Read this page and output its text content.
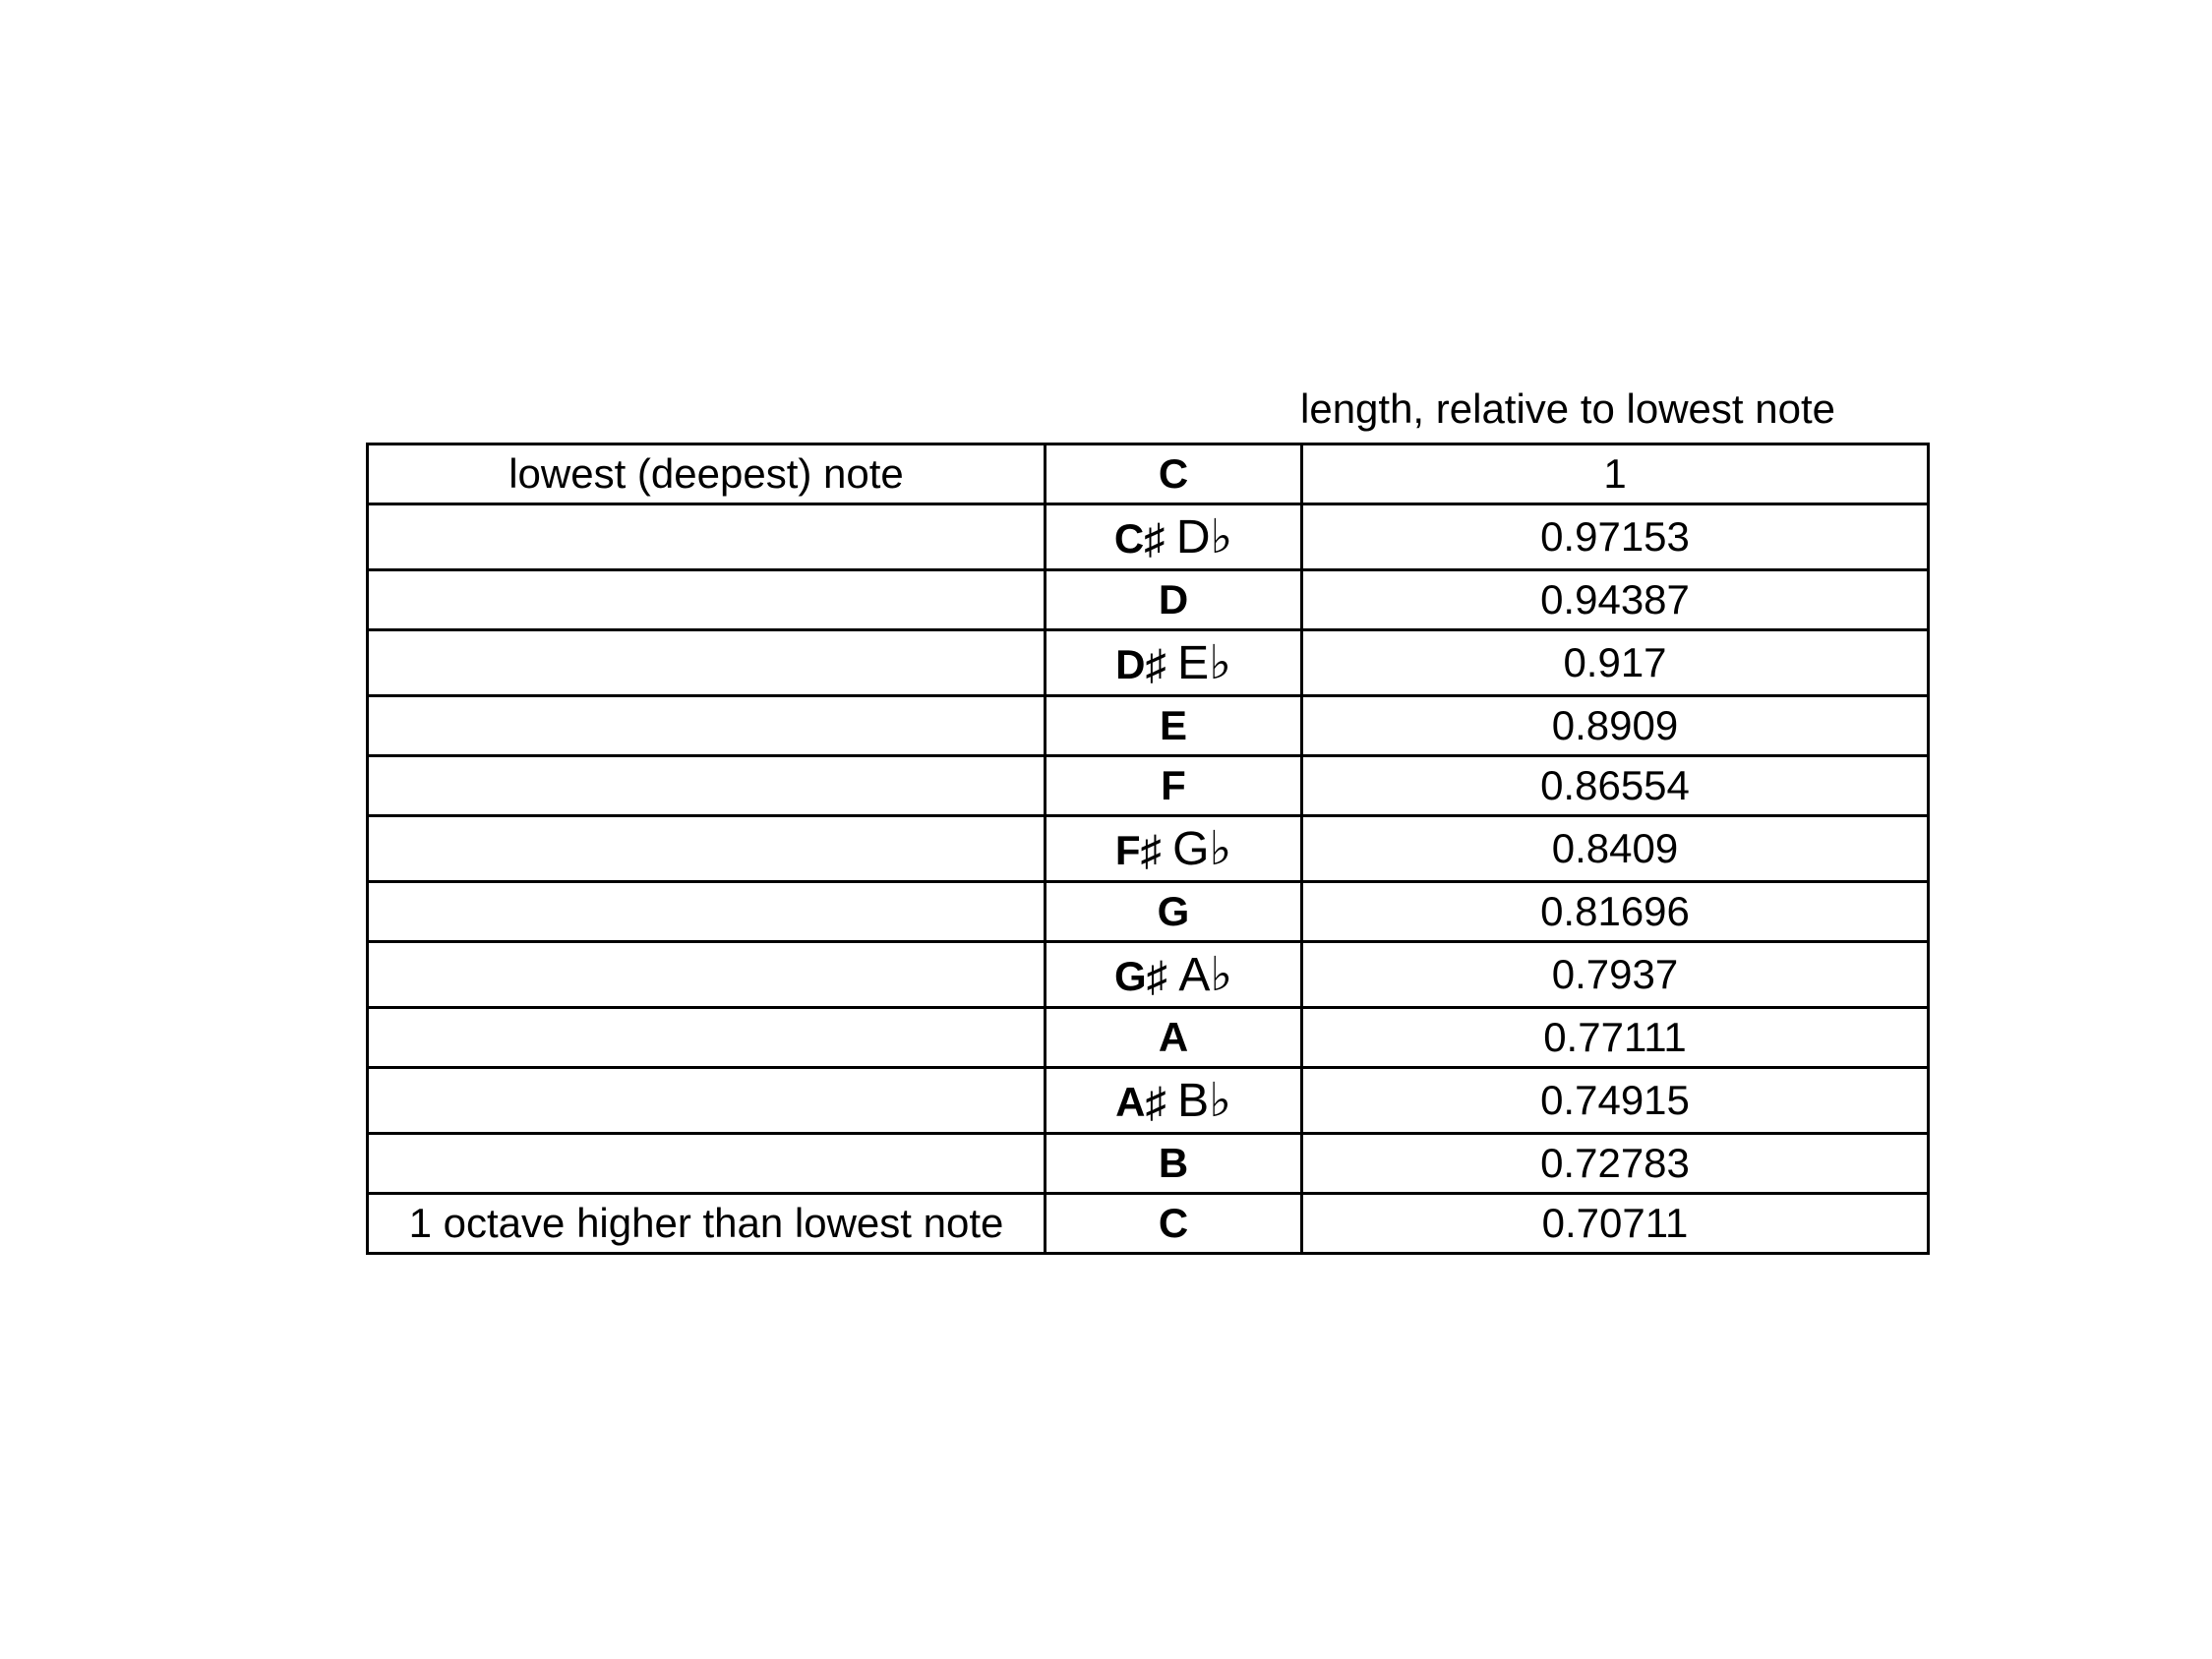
length, relative to lowest note
lowest (deepest) note	C	1
	C♯ D♭	0.97153
	D	0.94387
	D♯ E♭	0.917
	E	0.8909
	F	0.86554
	F♯ G♭	0.8409
	G	0.81696
	G♯ A♭	0.7937
	A	0.77111
	A♯ B♭	0.74915
	B	0.72783
1 octave higher than lowest note	C	0.70711
